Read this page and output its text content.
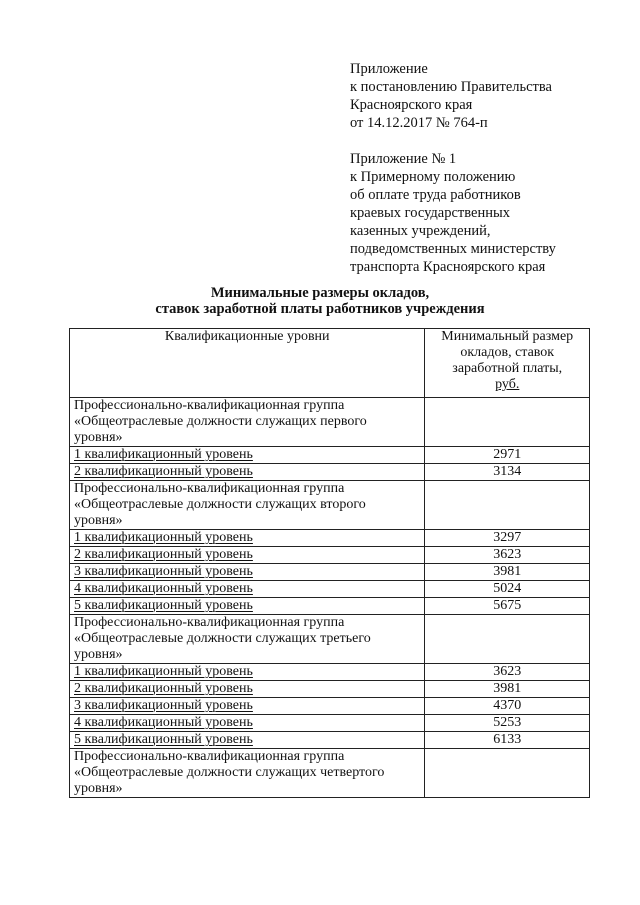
Приложение
к постановлению Правительства
Красноярского края
от 14.12.2017 № 764-п
Приложение № 1
к Примерному положению
об оплате труда работников
краевых государственных
казенных учреждений,
подведомственных министерству
транспорта Красноярского края
Минимальные размеры окладов,
ставок заработной платы работников учреждения
Квалификационные уровни	Минимальный размер
окладов, ставок
заработной платы,
руб.

Профессионально-квалификационная группа
«Общеотраслевые должности служащих первого
уровня»	

1 квалификационный уровень	2971
2 квалификационный уровень	3134

Профессионально-квалификационная группа
«Общеотраслевые должности служащих второго
уровня»	

1 квалификационный уровень	3297
2 квалификационный уровень	3623
3 квалификационный уровень	3981
4 квалификационный уровень	5024
5 квалификационный уровень	5675

Профессионально-квалификационная группа
«Общеотраслевые должности служащих третьего
уровня»	

1 квалификационный уровень	3623
2 квалификационный уровень	3981
3 квалификационный уровень	4370
4 квалификационный уровень	5253
5 квалификационный уровень	6133

Профессионально-квалификационная группа
«Общеотраслевые должности служащих четвертого
уровня»	
